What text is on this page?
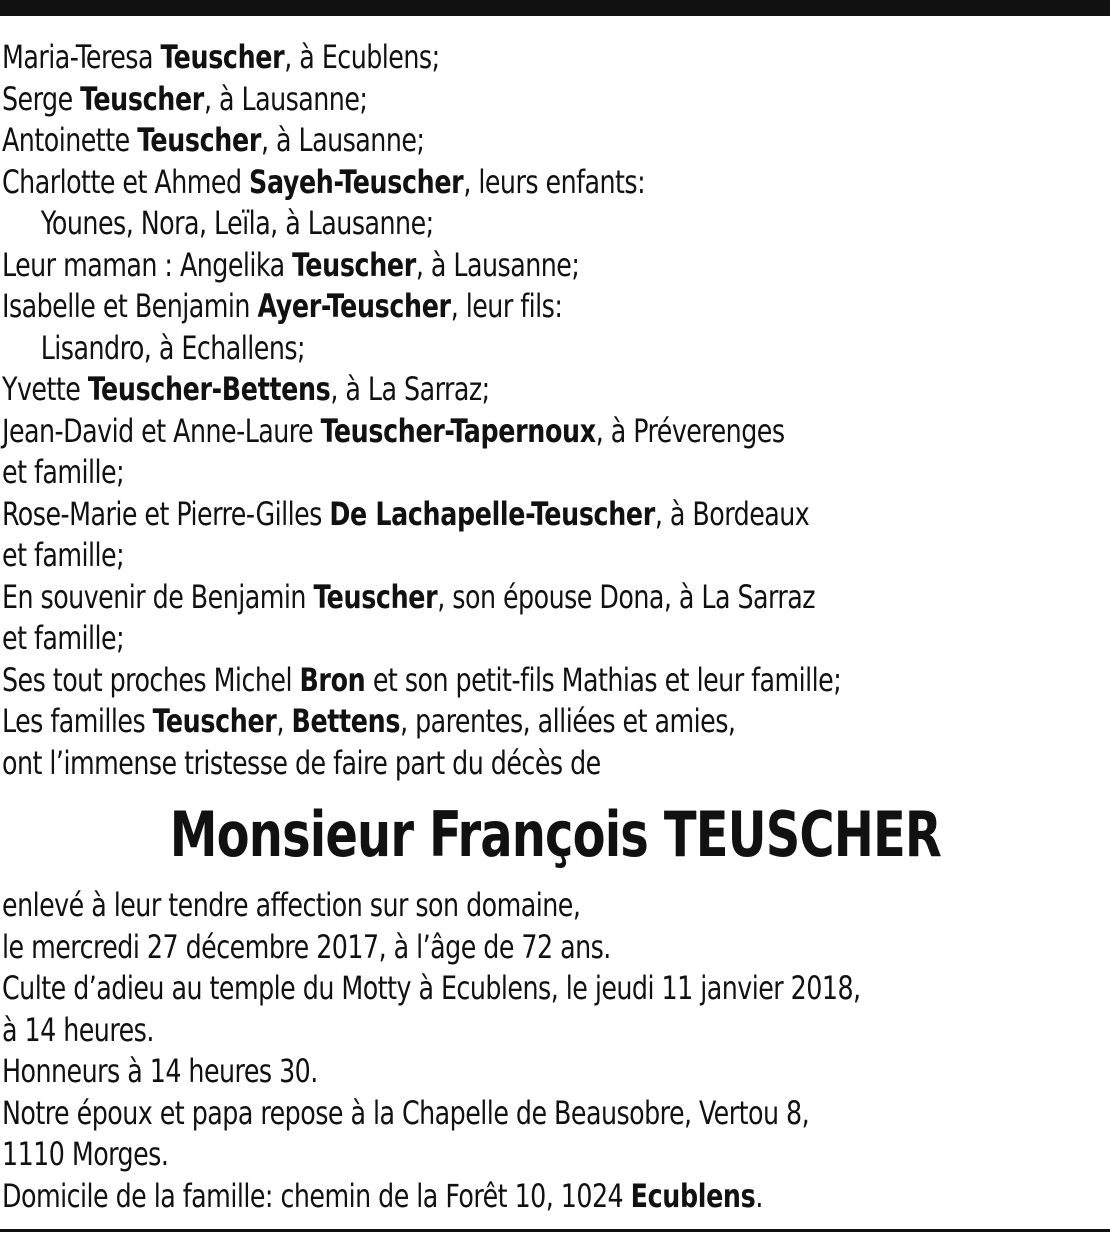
Maria-Teresa Teuscher, à Ecublens;
Serge Teuscher, à Lausanne;
Antoinette Teuscher, à Lausanne;
Charlotte et Ahmed Sayeh-Teuscher, leurs enfants:
Younes, Nora, Leïla, à Lausanne;
Leur maman : Angelika Teuscher, à Lausanne;
Isabelle et Benjamin Ayer-Teuscher, leur fils:
Lisandro, à Echallens;
Yvette Teuscher-Bettens, à La Sarraz;
Jean-David et Anne-Laure Teuscher-Tapernoux, à Préverenges
et famille;
Rose-Marie et Pierre-Gilles De Lachapelle-Teuscher, à Bordeaux
et famille;
En souvenir de Benjamin Teuscher, son épouse Dona, à La Sarraz
et famille;
Ses tout proches Michel Bron et son petit-fils Mathias et leur famille;
Les familles Teuscher, Bettens, parentes, alliées et amies,
ont l’immense tristesse de faire part du décès de
Monsieur François TEUSCHER
enlevé à leur tendre affection sur son domaine,
le mercredi 27 décembre 2017, à l’âge de 72 ans.
Culte d’adieu au temple du Motty à Ecublens, le jeudi 11 janvier 2018,
à 14 heures.
Honneurs à 14 heures 30.
Notre époux et papa repose à la Chapelle de Beausobre, Vertou 8,
1110 Morges.
Domicile de la famille: chemin de la Forêt 10, 1024 Ecublens.
